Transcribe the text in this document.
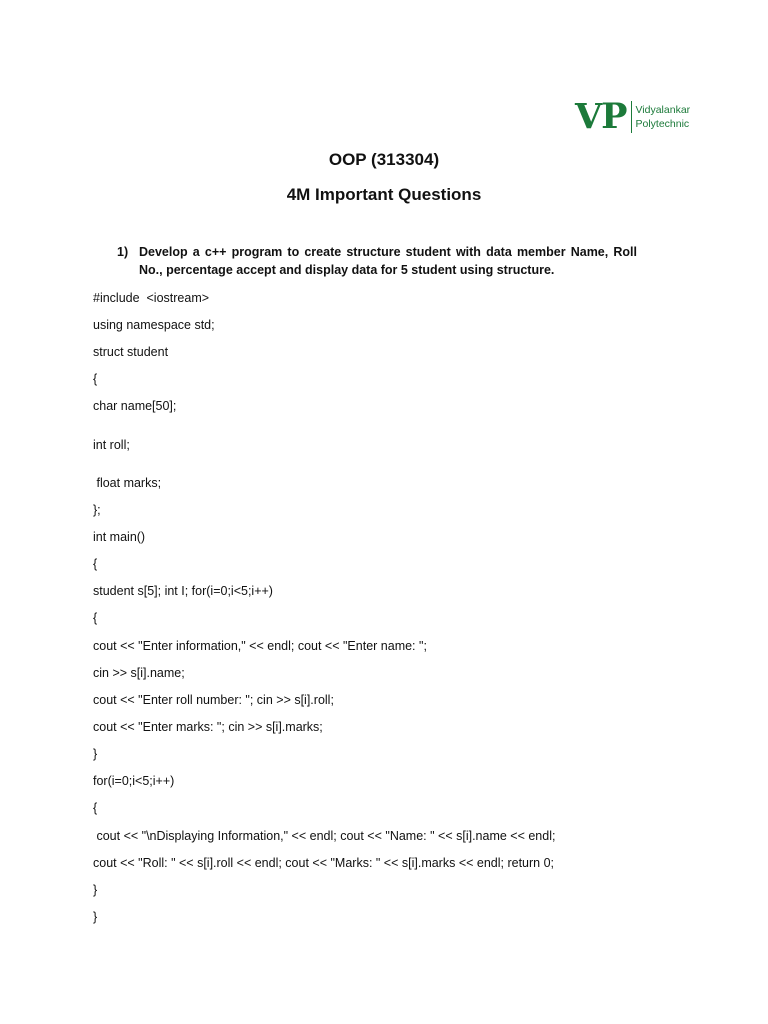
VP Vidyalankar
Polytechnic
OOP (313304)
4M Important Questions
1) Develop a c++ program to create structure student with data member Name, Roll No., percentage accept and display data for 5 student using structure.
#include  <iostream>
using namespace std;
struct student
{
char name[50];
int roll;
float marks;
};
int main()
{
student s[5]; int I; for(i=0;i<5;i++)
{
cout << "Enter information," << endl; cout << "Enter name: ";
cin >> s[i].name;
cout << "Enter roll number: "; cin >> s[i].roll;
cout << "Enter marks: "; cin >> s[i].marks;
}
for(i=0;i<5;i++)
{
cout << "\nDisplaying Information," << endl; cout << "Name: " << s[i].name << endl;
cout << "Roll: " << s[i].roll << endl; cout << "Marks: " << s[i].marks << endl; return 0;
}
}
